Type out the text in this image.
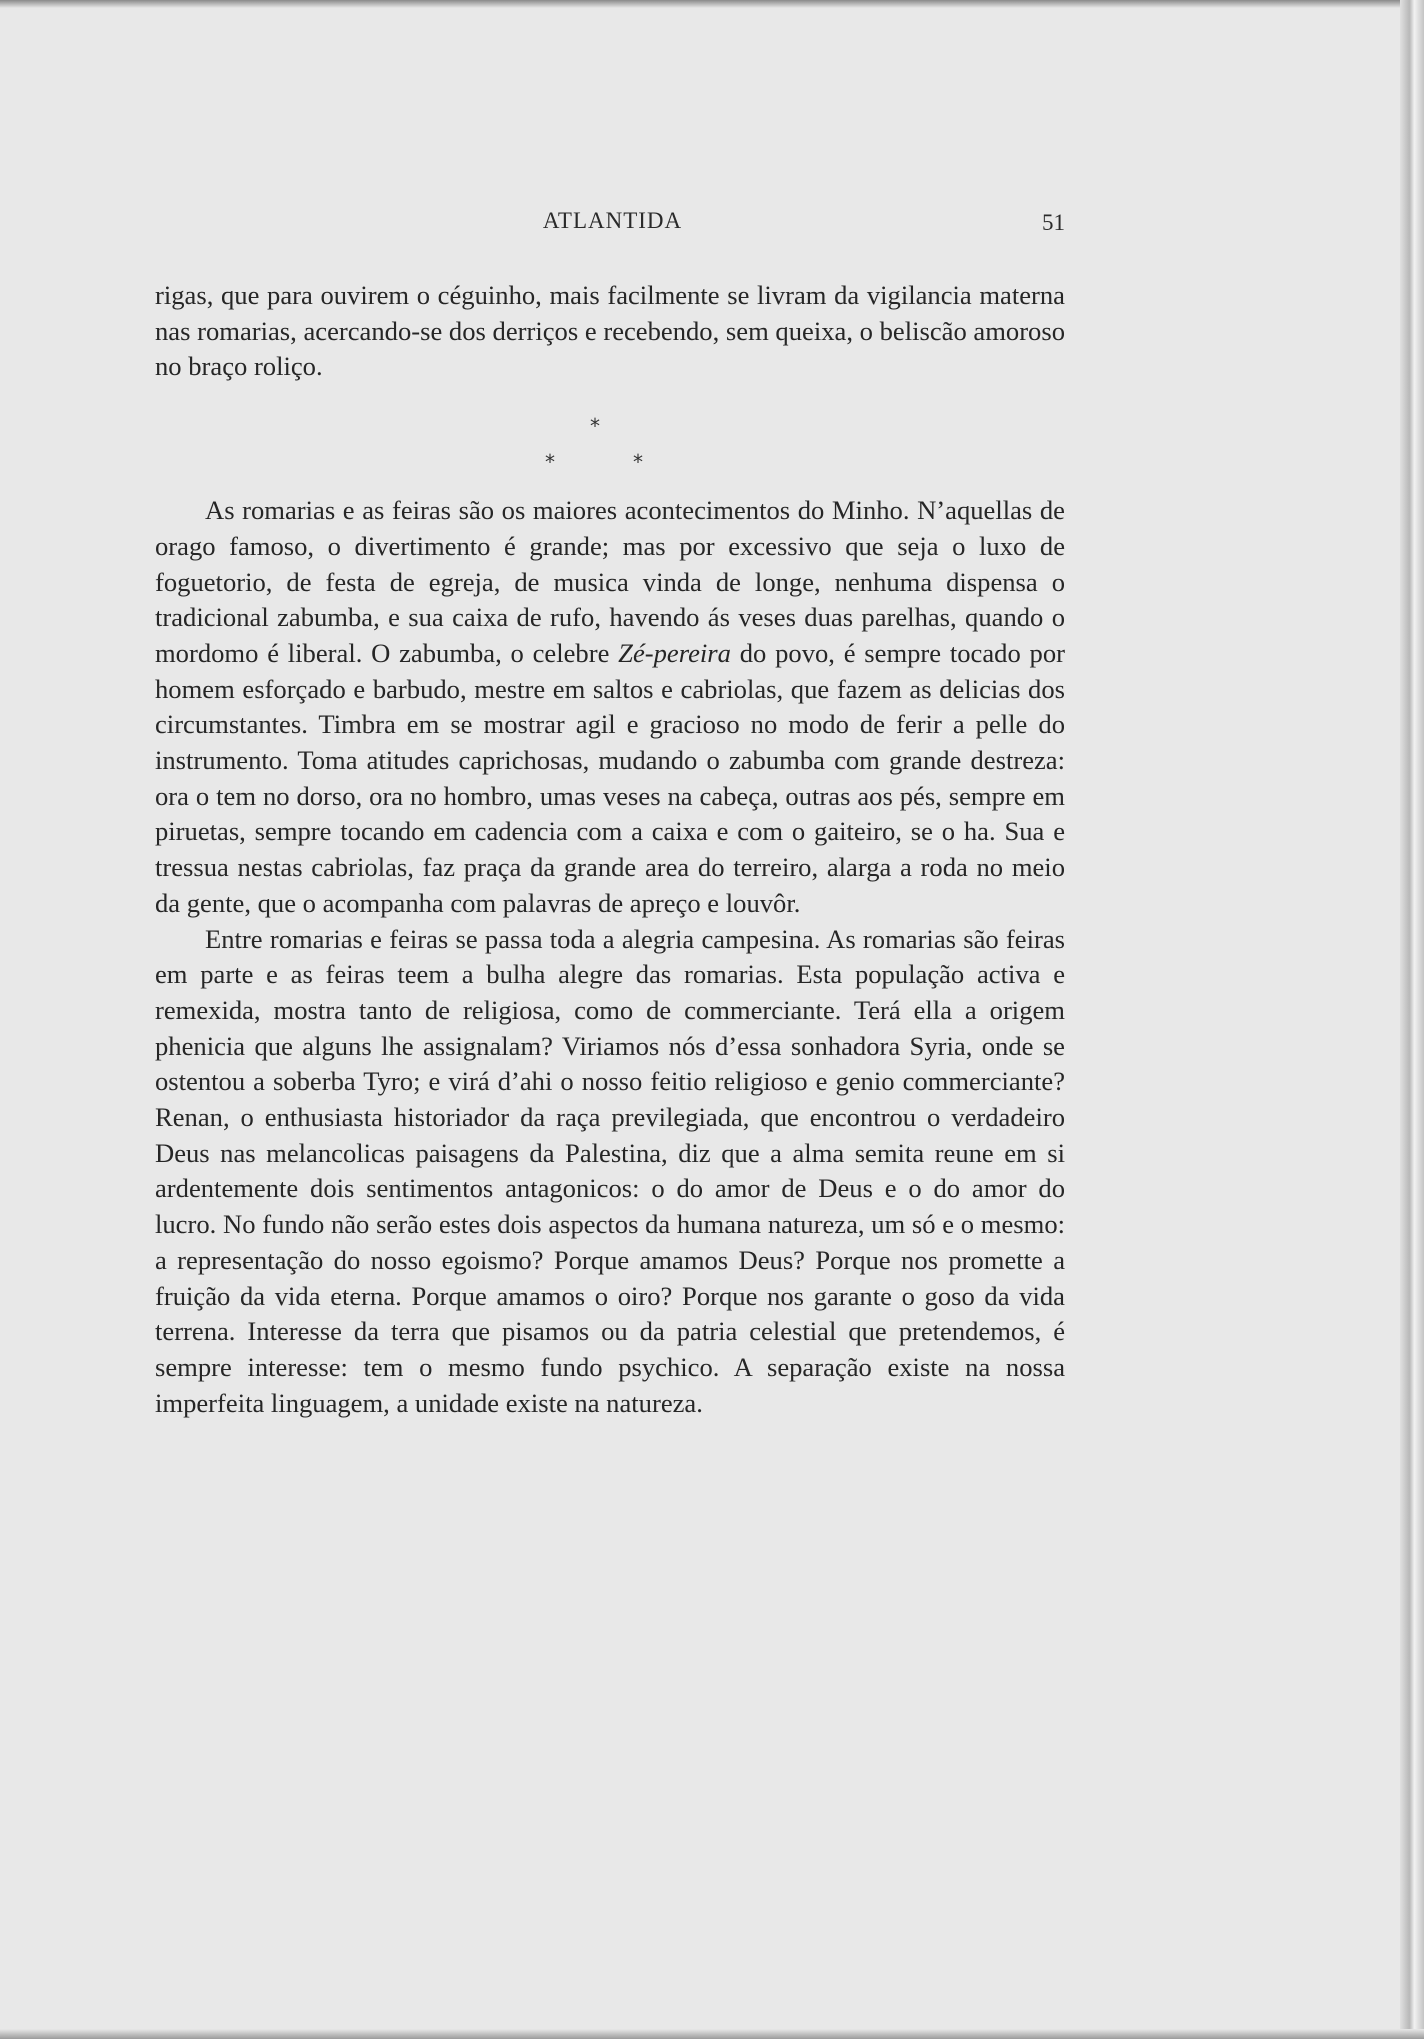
ATLANTIDA	51

rigas, que para ouvirem o céguinho, mais facilmente se livram da vigilancia materna nas romarias, acercando-se dos derriços e recebendo, sem queixa, o beliscão amoroso no braço roliço.

*
*	*

As romarias e as feiras são os maiores acontecimentos do Minho. N’aquellas de orago famoso, o divertimento é grande; mas por excessivo que seja o luxo de foguetorio, de festa de egreja, de musica vinda de longe, nenhuma dispensa o tradicional zabumba, e sua caixa de rufo, havendo ás veses duas parelhas, quando o mordomo é liberal. O zabumba, o celebre Zé-pereira do povo, é sempre tocado por homem esforçado e barbudo, mestre em saltos e cabriolas, que fazem as delicias dos circumstantes. Timbra em se mostrar agil e gracioso no modo de ferir a pelle do instrumento. Toma atitudes caprichosas, mudando o zabumba com grande destreza: ora o tem no dorso, ora no hombro, umas veses na cabeça, outras aos pés, sempre em piruetas, sempre tocando em cadencia com a caixa e com o gaiteiro, se o ha. Sua e tressua nestas cabriolas, faz praça da grande area do terreiro, alarga a roda no meio da gente, que o acompanha com palavras de apreço e louvôr.

Entre romarias e feiras se passa toda a alegria campesina. As romarias são feiras em parte e as feiras teem a bulha alegre das romarias. Esta população activa e remexida, mostra tanto de religiosa, como de commerciante. Terá ella a origem phenicia que alguns lhe assignalam? Viriamos nós d’essa sonhadora Syria, onde se ostentou a soberba Tyro; e virá d’ahi o nosso feitio religioso e genio commerciante? Renan, o enthusiasta historiador da raça previlegiada, que encontrou o verdadeiro Deus nas melancolicas paisagens da Palestina, diz que a alma semita reune em si ardentemente dois sentimentos antagonicos: o do amor de Deus e o do amor do lucro. No fundo não serão estes dois aspectos da humana natureza, um só e o mesmo: a representação do nosso egoismo? Porque amamos Deus? Porque nos promette a fruição da vida eterna. Porque amamos o oiro? Porque nos garante o goso da vida terrena. Interesse da terra que pisamos ou da patria celestial que pretendemos, é sempre interesse: tem o mesmo fundo psychico. A separação existe na nossa imperfeita linguagem, a unidade existe na natureza.
